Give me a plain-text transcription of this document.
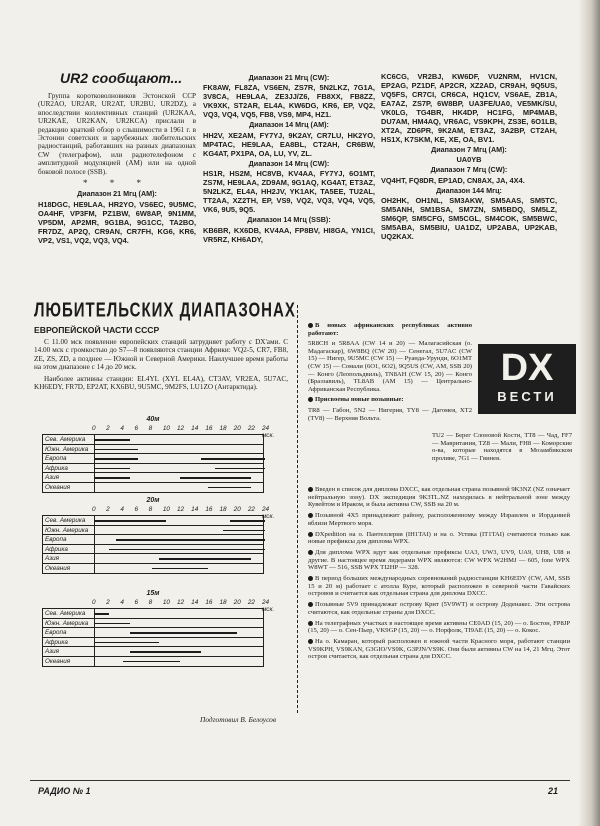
UR2 сообщают...

Группа коротковолновиков Эстонской ССР (UR2AO, UR2AR, UR2AT, UR2BU, UR2DZ), а впоследствии коллективных станций (UR2KAA, UR2KAE, UR2KAN, UR2KCA) прислали в редакцию краткий обзор о слышимости в 1961 г. в Эстонии советских и зарубежных любительских радиостанций, работавших на разных диапазонах CW (телеграфом), или радиотелефоном с амплитудной модуляцией (AM) или на одной боковой полосе (SSB).

* * *
Диапазон 21 Мгц (АМ):
H18DGC, HE9LAA, HR2YO, VS6EC, 9U5MC, OA4HF, VP3FM, PZ1BW, 6W8AP, 9N1MM, VP5DM, AP2MR, 9G1BA, 9G1CC, TA2BO, FR7DZ, AP2Q, CR9AN, CR7FH, KG6, KR6, VP2, VS1, VQ2, VQ3, VQ4.
Диапазон 21 Мгц (CW):
FK8AW, FL8ZA, VS6EN, ZS7R, 5N2LKZ, 7G1A, 3V8CA, HE9LAA, ZE3JJ/Z6, FB8XX, FB8ZZ, VK9XK, ST2AR, EL4A, KW6DG, KR6, EP, VQ2, VQ3, VQ4, VQ5, FB8, VS9, MP4, HZ1.
Диапазон 14 Мгц (АМ):
HH2V, XE2AM, FY7YJ, 9K2AY, CR7LU, HK2YO, MP4TAC, HE9LAA, EA8BL, CT2AH, CR6BW, KG4AT, PX1PA, OA, LU, YV, ZL.
Диапазон 14 Мгц (CW):
HS1R, HS2M, HC8VB, KV4AA, FY7YJ, 6O1MT, ZS7M, HE9LAA, ZD9AM, 9G1AQ, KG4AT, ET3AZ, 5N2LKZ, EL4A, HH2JV, YK1AK, TA5EE, TU2AL, TT2AA, XZ2TH, EP, VS9, VQ2, VQ3, VQ4, VQ5, VK6, 9U5, 9Q5.
Диапазон 14 Мгц (SSB):
KB6BR, KX6DB, KV4AA, FP8BV, HI8GA, YN1CI, VR5RZ, KH6ADY,
KC6CG, VR2BJ, KW6DF, VU2NRM, HV1CN, EP2AG, PZ1DF, AP2CR, XZ2AD, CR9AH, 9Q5US, VQ5FS, CR7CI, CR6CA, HQ1CV, VS6AE, ZB1A, EA7AZ, ZS7P, 6W8BP, UA3FE/UA0, VE5MK/SU, VK0LG, TG4BR, HK4DP, HC1FG, MP4MAB, DU7AM, HM4AQ, VR6AC, VS9KPH, ZS3E, 6O1LB, XT2A, ZD6PR, 9K2AM, ET3AZ, 3A2BP, CT2AH, HS1X, K7SKM, KE, XE, OA, BV1.
Диапазон 7 Мгц (АМ):
UA0YB
Диапазон 7 Мгц (CW):
VQ4HT, FQ8DR, EP1AD, CN8AX, JA, 4X4.
Диапазон 144 Мгц:
OH2HK, OH1NL, SM3AKW, SM5AAS, SM5TC, SM5ANH, SM1BSA, SM7ZN, SM5BDQ, SM5LZ, SM6QP, SM5CFG, SM5CGL, SM4COK, SM5BWC, SM5ABA, SM5BIU, UA1DZ, UP2ABA, UP2KAB, UQ2KAX.
ЛЮБИТЕЛЬСКИХ ДИАПАЗОНАХ
ЕВРОПЕЙСКОЙ ЧАСТИ СССР

С 11.00 мск появление европейских станций затрудняет работу с DX'ами. С 14.00 мск с громкостью до S7—8 появляются станции Африки: VQ2-5, CR7, FB8, ZE, ZS, ZD, а позднее — Южной и Северной Америки. Наилучшее время работы на этом диапазоне с 14 до 20 мск.

Наиболее активны станции: EL4YL (XYL EL4A), CT3AV, VR2EA, 5U7AC, KH6EDY, FR7D, EP2AT, KX6BU, 9U5MC, 9M2FS, LU1ZO (Антарктида).

40м
0 2 4 6 8 10 12 14 16 18 20 22 24 мск.
Сев. Америка
Южн. Америка
Европа
Африка
Азия
Океания
20м
0 2 4 6 8 10 12 14 16 18 20 22 24 мск.
Сев. Америка
Южн. Америка
Европа
Африка
Азия
Океания
15м
0 2 4 6 8 10 12 14 16 18 20 22 24 мск.
Сев. Америка
Южн. Америка
Европа
Африка
Азия
Океания
Подготовил В. Белоусов
DX
ВЕСТИ

В новых африканских республиках активно работают:

5R8CH и 5R8AA (CW 14 и 20) — Малагасийская (о. Мадагаскар), 6W8BQ (CW 20) — Сенегал, 5U7AC (CW 15) — Нигер, 9U5MC (CW 15) — Руанда-Урунди, 6O1MT (CW 15) — Сомали (6O1, 6O2), 9Q5US (CW, AM, SSB 20) — Конго (Леопольдвиль), TN8AH (CW 15, 20) — Конго (Браззавиль), TL8AB (AM 15) — Центрально-Африканская Республика.

Присвоены новые позывные:

TR8 — Габон, 5N2 — Нигерия, TY8 — Дагомея, XT2 (TV8) — Верхняя Вольта.

TU2 — Берег Слоновой Кости, TT8 — Чад, FF7 — Мавритания, TZ8 — Мали, FH8 — Коморские о-ва, которые находятся в Мозамбикском проливе, 7G1 — Гвинея.

Введен в список для диплома DXCC, как отдельная страна позывной 9K3NZ (NZ означает нейтральную зону). DX экспедиция 9K3TL.NZ находилась в нейтральной зоне между Кувейтом и Ираком, и была активна CW, SSB на 20 м.

Позывной 4X5 принадлежит району, расположенному между Израилем и Иорданией вблизи Мертвого моря.

DXpedition на о. Пантеллерия (IH1TAI) и на о. Устика (IT1TAI) считаются только как новые префиксы для диплома WPX.

Для диплома WPX идут как отдельные префиксы UA3, UW3, UV9, UA9, UH8, UI8 и другие. В настоящее время лидерами WPX являются: CW WPX W2HMJ — 605, fone WPX W8WT — 516, SSB WPX TI2HP — 328.

В период больших международных соревнований радиостанция KH6EDY (CW, AM, SSB 15 и 20 м) работает с атолла Куре, который расположен в северной части Гавайских островов и считается как отдельная страна для диплома DXCC.

Позывные 5V9 принадлежат острову Крит (5V9WT) и острову Доденакес. Эти острова считаются, как отдельные страны для DXCC.

На телеграфных участках в настоящее время активны CE0AD (15, 20) — о. Бостон, FP8JP (15, 20) — о. Сен-Пьер, VK9GP (15, 20) — о. Норфолк, TI9AE (15, 20) — о. Кокос.

На о. Камаран, который расположен в южной части Красного моря, работают станции VS9KPH, VS9KAN, G3GIO/VS9K, G3PJN/VS9K. Они были активны CW на 14, 21 Мгц. Этот остров считается, как отдельная страна для DXCC.

РАДИО № 1	21
